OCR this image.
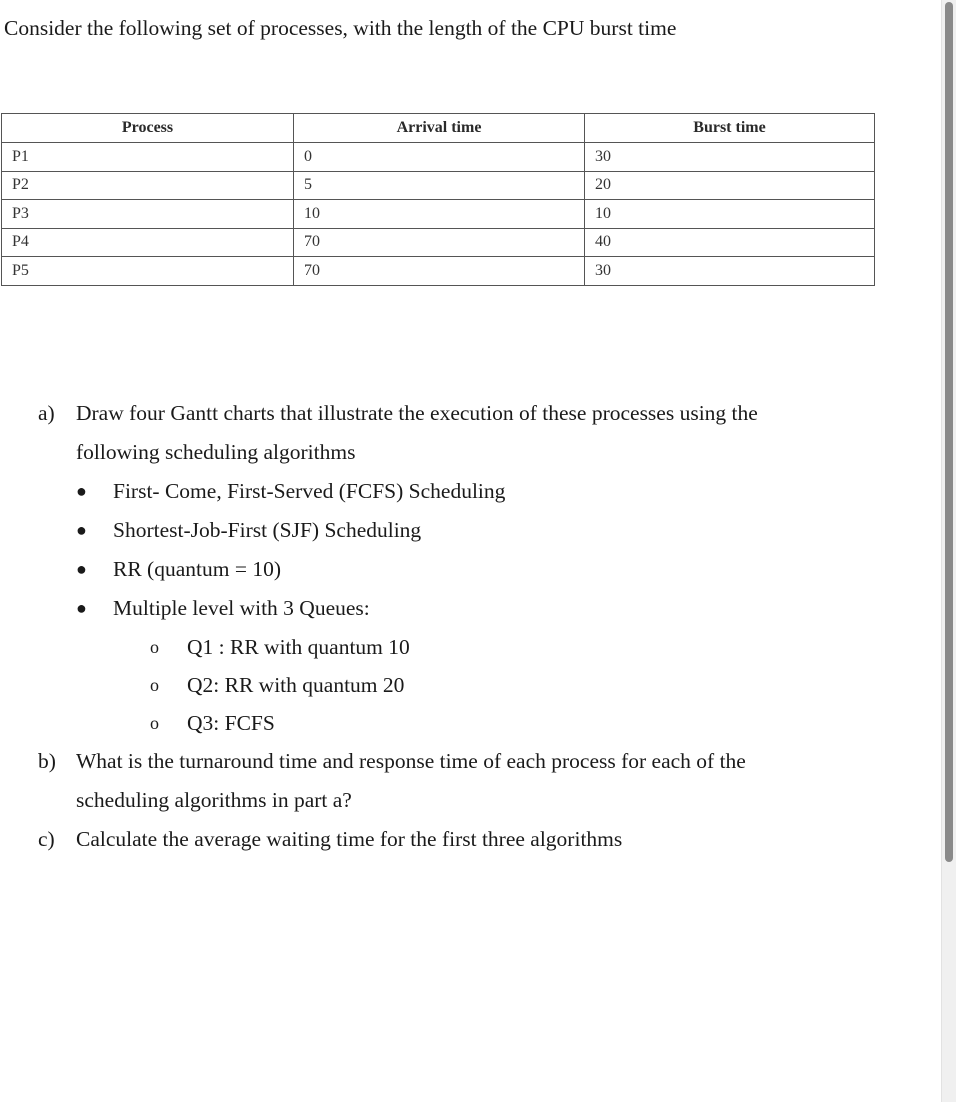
Consider the following set of processes, with the length of the CPU burst time

Process	Arrival time	Burst time
P1	0	30
P2	5	20
P3	10	10
P4	70	40
P5	70	30
a) Draw four Gantt charts that illustrate the execution of these processes using the
following scheduling algorithms
● First- Come, First-Served (FCFS) Scheduling
● Shortest-Job-First (SJF) Scheduling
● RR (quantum = 10)
● Multiple level with 3 Queues:
o Q1 : RR with quantum 10
o Q2: RR with quantum 20
o Q3: FCFS
b) What is the turnaround time and response time of each process for each of the
scheduling algorithms in part a?
c) Calculate the average waiting time for the first three algorithms
